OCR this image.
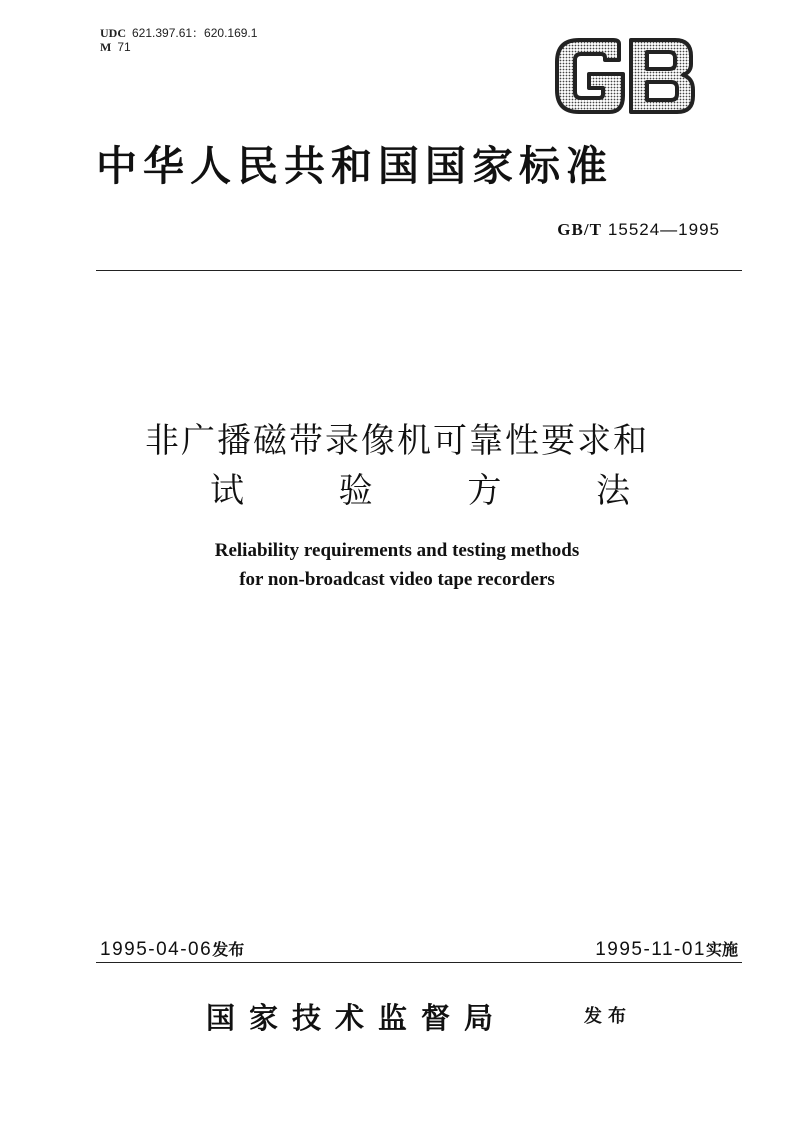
UDC 621.397.61：620.169.1
M 71
中华人民共和国国家标准
GB/T 15524—1995
非广播磁带录像机可靠性要求和
试	验	方	法
Reliability requirements and testing methods
for non-broadcast video tape recorders
1995-04-06发布	1995-11-01实施
国家技术监督局	发布
